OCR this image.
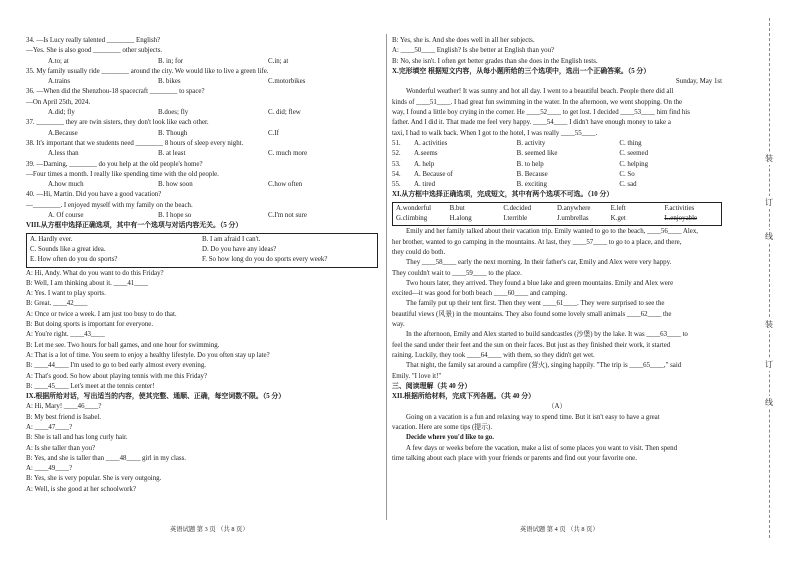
34. —Is Lucy really talented ________ English?
—Yes. She is also good ________ other subjects.
A.to; at	B. in; for	C.in; at
35. My family usually ride ________ around the city. We would like to live a green life.
A.trains	B. bikes	C.motorbikes
36. —When did the Shenzhou-18 spacecraft ________ to space?
—On April 25th, 2024.
A.did; fly	B.does; fly	C. did; flew
37. ________ they are twin sisters, they don't look like each other.
A.Because	B. Though	C.If
38. It's important that we students need ________ 8 hours of sleep every night.
A.less than	B. at least	C. much more
39. —Darning, ________ do you help at the old people's home?
—Four times a month. I really like spending time with the old people.
A.how much	B. how soon	C.how often
40. —Hi, Martin. Did you have a good vacation?
—________. I enjoyed myself with my family on the beach.
A. Of course	B. I hope so	C.I'm not sure
VIII.从方框中选择正确选项，其中有一个选项与对话内容无关。（5 分）
A. Hardly ever.	B. I am afraid I can't.
C. Sounds like a great idea.	D. Do you have any ideas?
E. How often do you do sports?	F. So how long do you do sports every week?
A: Hi, Andy. What do you want to do this Friday?
B: Well, I am thinking about it. ____41____
A: Yes. I want to play sports.
B: Great. ____42____
A: Once or twice a week. I am just too busy to do that.
B: But doing sports is important for everyone.
A: You're right. ____43____
B: Let me see. Two hours for ball games, and one hour for swimming.
A: That is a lot of time. You seem to enjoy a healthy lifestyle. Do you often stay up late?
B: ____44____ I'm used to go to bed early almost every evening.
A: That's good. So how about playing tennis with me this Friday?
B: ____45____ Let's meet at the tennis center!
IX.根据所给对话，写出适当的内容，使其完整、通顺、正确，每空词数不限。（5 分）
A: Hi, Mary! ____46____?
B: My best friend is Isabel.
A: ____47____?
B: She is tall and has long curly hair.
A: Is she taller than you?
B: Yes, and she is taller than ____48____ girl in my class.
A: ____49____?
B: Yes, she is very popular. She is very outgoing.
A: Well, is she good at her schoolwork?
B: Yes, she is. And she does well in all her subjects.
A: ____50____ English? Is she better at English than you?
B: No, she isn't. I often get better grades than she does in the English tests.
X.完形填空 根据短文内容，从每小题所给的三个选项中，选出一个正确答案。（5 分）
Sunday, May 1st
Wonderful weather! It was sunny and hot all day. I went to a beautiful beach. People there did all
kinds of ____51____. I had great fun swimming in the water. In the afternoon, we went shopping. On the
way, I found a little boy crying in the corner. He ____52____ to get lost. I decided ____53____ him find his
father. And I did it. That made me feel very happy. ____54____ I didn't have enough money to take a
taxi, I had to walk back. When I got to the hotel, I was really ____55____.
51.	A. activities	B. activity	C. thing
52.	A.seems	B. seemed like	C. seemed
53.	A. help	B. to help	C. helping
54.	A. Because of	B. Because	C. So
55.	A. tired	B. exciting	C. sad
XI.从方框中选择正确选项，完成短文，其中有两个选项不可选。（10 分）
A.wonderful	B.but	C.decided	D.anywhere	E.left	F.activities
G.climbing	H.along	I.terrible	J.umbrellas	K.get	L.enjoyable
Emily and her family talked about their vacation trip. Emily wanted to go to the beach, ____56____ Alex,
her brother, wanted to go camping in the mountains. At last, they ____57____ to go to a place, and there,
they could do both.
They ____58____ early the next morning. In their father's car, Emily and Alex were very happy.
They couldn't wait to ____59____ to the place.
Two hours later, they arrived. They found a blue lake and green mountains. Emily and Alex were
excited—it was good for both beach ____60____ and camping.
The family put up their tent first. Then they went ____61____. They were surprised to see the
beautiful views (风景) in the mountains. They also found some lovely small animals ____62____ the
way.
In the afternoon, Emily and Alex started to build sandcastles (沙堡) by the lake. It was ____63____ to
feel the sand under their feet and the sun on their faces. But just as they finished their work, it started
raining. Luckily, they took ____64____ with them, so they didn't get wet.
That night, the family sat around a campfire (营火), singing happily. "The trip is ____65____," said
Emily. "I love it!"
三、阅读理解（共 40 分）
XII.根据所给材料，完成下列各题。（共 40 分）
（A）
Going on a vacation is a fun and relaxing way to spend time. But it isn't easy to have a great
vacation. Here are some tips (提示).
Decide where you'd like to go.
A few days or weeks before the vacation, make a list of some places you want to visit. Then spend
time talking about each place with your friends or parents and find out your favorite one.
英语试题 第 3 页 （共 8 页）	英语试题 第 4 页 （共 8 页）
装
订
线
装
订
线
